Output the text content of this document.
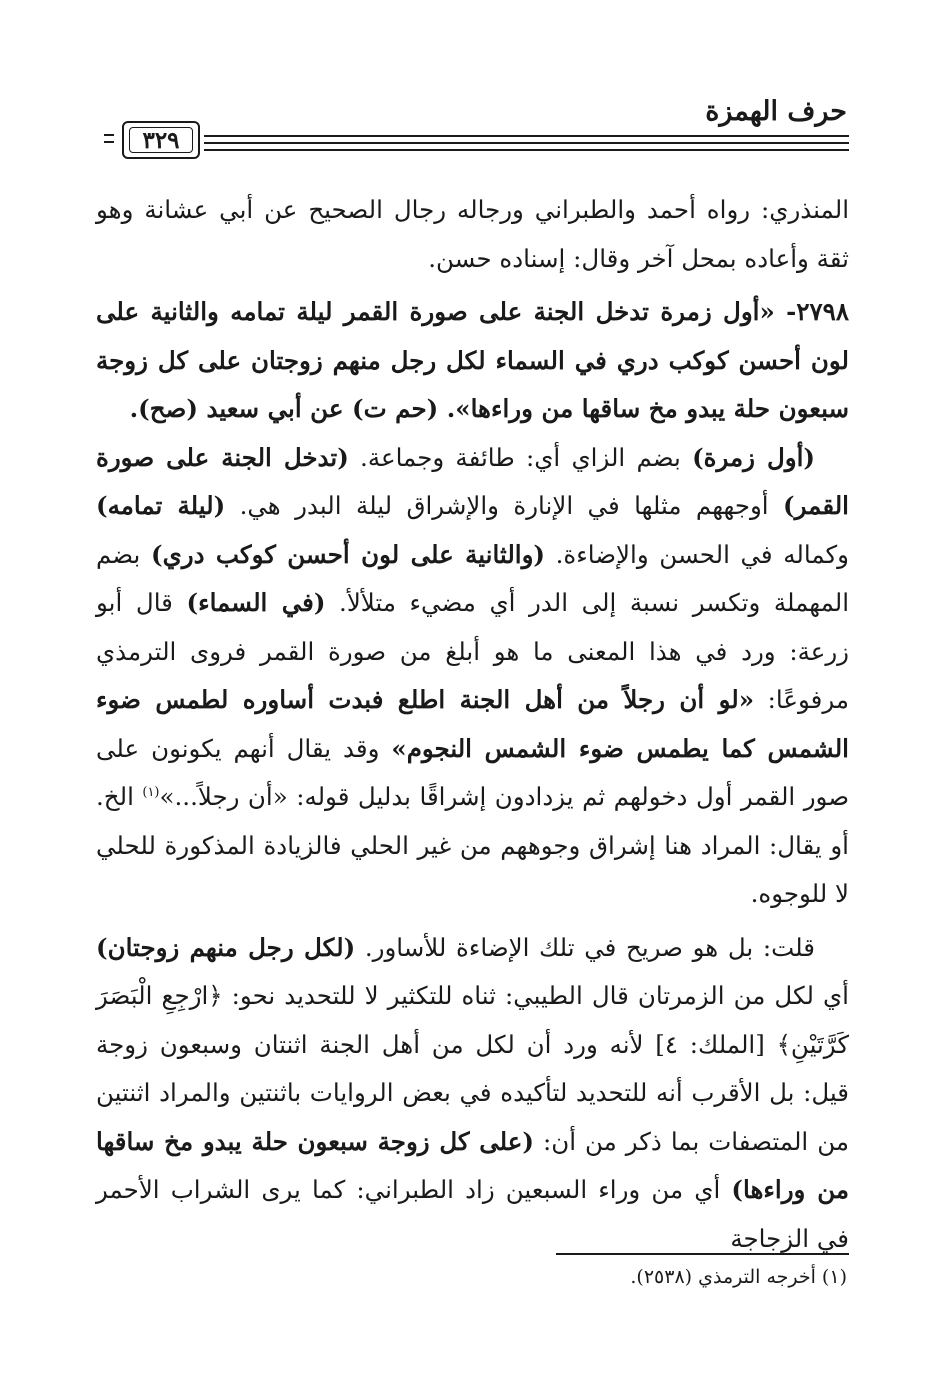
حرف الهمزة
٣٢٩

المنذري: رواه أحمد والطبراني ورجاله رجال الصحيح عن أبي عشانة وهو ثقة وأعاده بمحل آخر وقال: إسناده حسن.

٢٧٩٨- «أول زمرة تدخل الجنة على صورة القمر ليلة تمامه والثانية على لون أحسن كوكب دري في السماء لكل رجل منهم زوجتان على كل زوجة سبعون حلة يبدو مخ ساقها من وراءها». (حم ت) عن أبي سعيد (صح).

(أول زمرة) بضم الزاي أي: طائفة وجماعة. (تدخل الجنة على صورة القمر) أوجههم مثلها في الإنارة والإشراق ليلة البدر هي. (ليلة تمامه) وكماله في الحسن والإضاءة. (والثانية على لون أحسن كوكب دري) بضم المهملة وتكسر نسبة إلى الدر أي مضيء متلألأ. (في السماء) قال أبو زرعة: ورد في هذا المعنى ما هو أبلغ من صورة القمر فروى الترمذي مرفوعًا: «لو أن رجلاً من أهل الجنة اطلع فبدت أساوره لطمس ضوء الشمس كما يطمس ضوء الشمس النجوم» وقد يقال أنهم يكونون على صور القمر أول دخولهم ثم يزدادون إشراقًا بدليل قوله: «أن رجلاً...»$^{(١)}$ الخ. أو يقال: المراد هنا إشراق وجوههم من غير الحلي فالزيادة المذكورة للحلي لا للوجوه.

قلت: بل هو صريح في تلك الإضاءة للأساور. (لكل رجل منهم زوجتان) أي لكل من الزمرتان قال الطيبي: ثناه للتكثير لا للتحديد نحو: ﴿ارْجِعِ الْبَصَرَ كَرَّتَيْنِ﴾ [الملك: ٤] لأنه ورد أن لكل من أهل الجنة اثنتان وسبعون زوجة قيل: بل الأقرب أنه للتحديد لتأكيده في بعض الروايات باثنتين والمراد اثنتين من المتصفات بما ذكر من أن: (على كل زوجة سبعون حلة يبدو مخ ساقها من وراءها) أي من وراء السبعين زاد الطبراني: كما يرى الشراب الأحمر في الزجاجة

(١) أخرجه الترمذي (٢٥٣٨).
